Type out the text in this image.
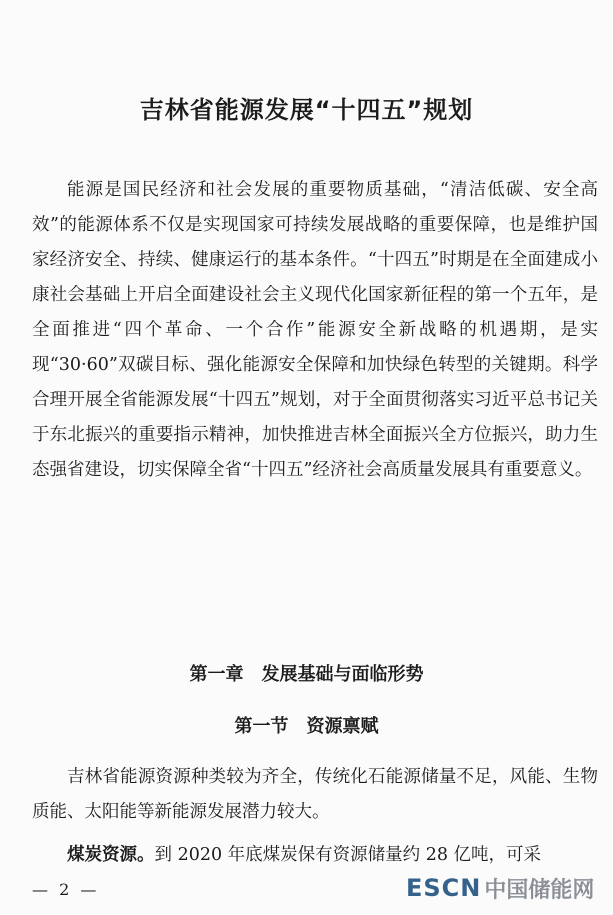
吉林省能源发展“十四五”规划

能源是国民经济和社会发展的重要物质基础，“清洁低碳、安全高效”的能源体系不仅是实现国家可持续发展战略的重要保障，也是维护国家经济安全、持续、健康运行的基本条件。“十四五”时期是在全面建成小康社会基础上开启全面建设社会主义现代化国家新征程的第一个五年，是全面推进“四个革命、一个合作”能源安全新战略的机遇期，是实现“30·60”双碳目标、强化能源安全保障和加快绿色转型的关键期。科学合理开展全省能源发展“十四五”规划，对于全面贯彻落实习近平总书记关于东北振兴的重要指示精神，加快推进吉林全面振兴全方位振兴，助力生态强省建设，切实保障全省“十四五”经济社会高质量发展具有重要意义。

第一章　发展基础与面临形势
第一节　资源禀赋

吉林省能源资源种类较为齐全，传统化石能源储量不足，风能、生物质能、太阳能等新能源发展潜力较大。

煤炭资源。到 2020 年底煤炭保有资源储量约 28 亿吨，可采

— 2 —	ESCN 中国储能网
